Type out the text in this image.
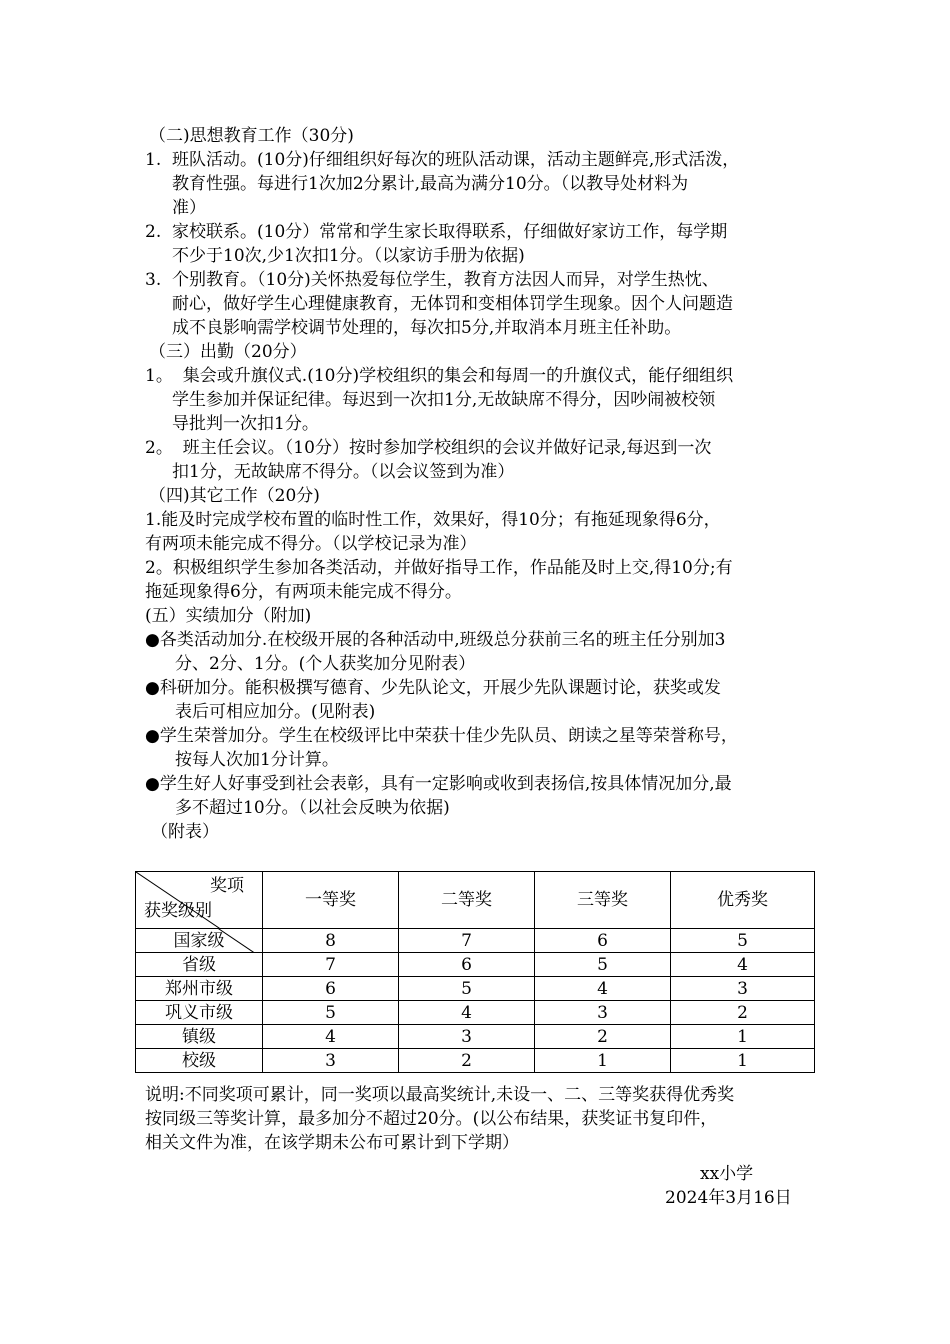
（二)思想教育工作（30分)
1. 班队活动。(10分)仔细组织好每次的班队活动课，活动主题鲜亮,形式活泼，
教育性强。每进行1次加2分累计,最高为满分10分。（以教导处材料为
准）
2. 家校联系。(10分）常常和学生家长取得联系，仔细做好家访工作，每学期
不少于10次,少1次扣1分。（以家访手册为依据)
3. 个别教育。（10分)关怀热爱每位学生，教育方法因人而异，对学生热忱、
耐心，做好学生心理健康教育，无体罚和变相体罚学生现象。因个人问题造
成不良影响需学校调节处理的，每次扣5分,并取消本月班主任补助。
（三）出勤（20分）
1。 集会或升旗仪式.(10分)学校组织的集会和每周一的升旗仪式，能仔细组织
学生参加并保证纪律。每迟到一次扣1分,无故缺席不得分，因吵闹被校领
导批判一次扣1分。
2。 班主任会议。（10分）按时参加学校组织的会议并做好记录,每迟到一次
扣1分，无故缺席不得分。（以会议签到为准）
（四)其它工作（20分)
1.能及时完成学校布置的临时性工作，效果好，得10分；有拖延现象得6分，
有两项未能完成不得分。（以学校记录为准）
2。积极组织学生参加各类活动，并做好指导工作，作品能及时上交,得10分;有
拖延现象得6分，有两项未能完成不得分。
(五）实绩加分（附加)
●各类活动加分.在校级开展的各种活动中,班级总分获前三名的班主任分别加3
分、2分、1分。(个人获奖加分见附表）
●科研加分。能积极撰写德育、少先队论文，开展少先队课题讨论，获奖或发
表后可相应加分。(见附表)
●学生荣誉加分。学生在校级评比中荣获十佳少先队员、朗读之星等荣誉称号，
按每人次加1分计算。
●学生好人好事受到社会表彰，具有一定影响或收到表扬信,按具体情况加分,最
多不超过10分。（以社会反映为依据)
（附表）
奖项
获奖级别	一等奖	二等奖	三等奖	优秀奖

国家级	8	7	6	5
省级	7	6	5	4
郑州市级	6	5	4	3
巩义市级	5	4	3	2
镇级	4	3	2	1
校级	3	2	1	1
说明:不同奖项可累计，同一奖项以最高奖统计,未设一、二、三等奖获得优秀奖
按同级三等奖计算，最多加分不超过20分。(以公布结果，获奖证书复印件，
相关文件为准，在该学期未公布可累计到下学期）
xx小学
2024年3月16日
